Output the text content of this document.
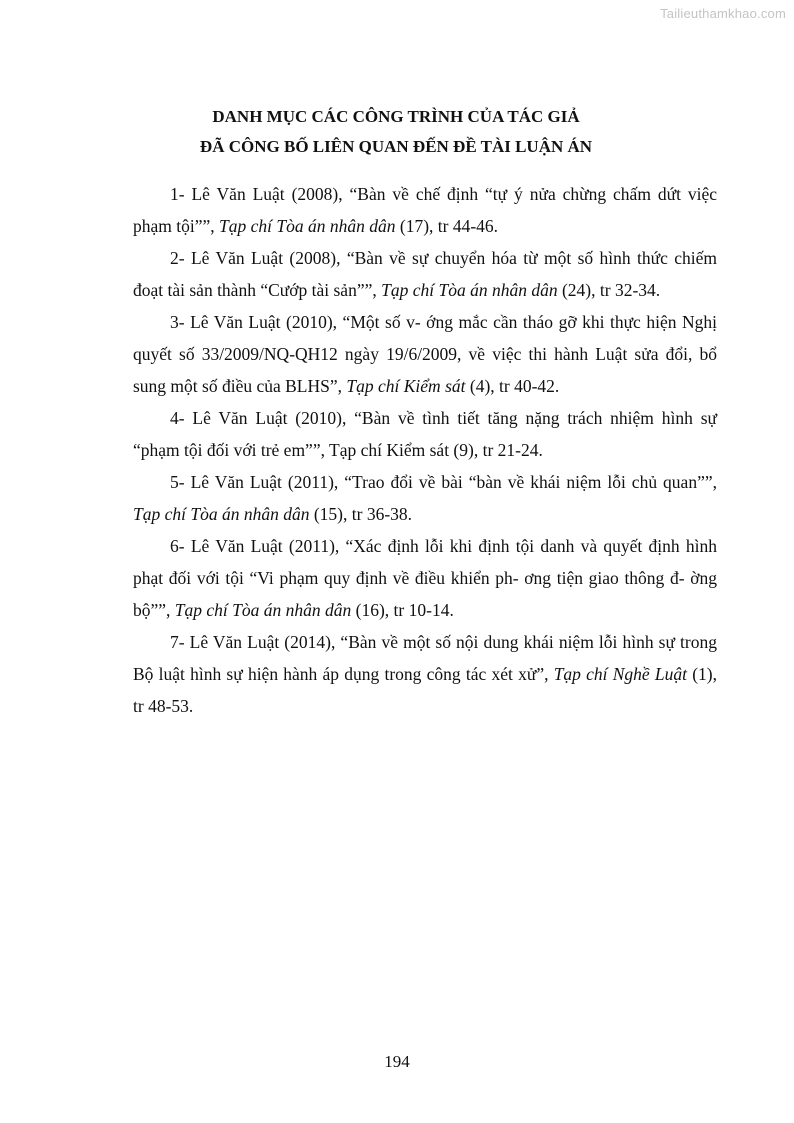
Tailieuthamkhao.com
DANH MỤC CÁC CÔNG TRÌNH CỦA TÁC GIẢ
ĐÃ CÔNG BỐ LIÊN QUAN ĐẾN ĐỀ TÀI LUẬN ÁN

1- Lê Văn Luật (2008), “Bàn về chế định “tự ý nửa chừng chấm dứt việc phạm tội””, Tạp chí Tòa án nhân dân (17), tr 44-46.

2- Lê Văn Luật (2008), “Bàn về sự chuyển hóa từ một số hình thức chiếm đoạt tài sản thành “Cướp tài sản””, Tạp chí Tòa án nhân dân (24), tr 32-34.

3- Lê Văn Luật (2010), “Một số v- ớng mắc cần tháo gỡ khi thực hiện Nghị quyết số 33/2009/NQ-QH12 ngày 19/6/2009, về việc thi hành Luật sửa đổi, bổ sung một số điều của BLHS”, Tạp chí Kiểm sát (4), tr 40-42.

4- Lê Văn Luật (2010), “Bàn về tình tiết tăng nặng trách nhiệm hình sự “phạm tội đối với trẻ em””, Tạp chí Kiểm sát (9), tr 21-24.

5- Lê Văn Luật (2011), “Trao đổi về bài “bàn về khái niệm lỗi chủ quan””, Tạp chí Tòa án nhân dân (15), tr 36-38.

6- Lê Văn Luật (2011), “Xác định lỗi khi định tội danh và quyết định hình phạt đối với tội “Vi phạm quy định về điều khiển ph- ơng tiện giao thông đ- ờng bộ””, Tạp chí Tòa án nhân dân (16), tr 10-14.

7- Lê Văn Luật (2014), “Bàn về một số nội dung khái niệm lỗi hình sự trong Bộ luật hình sự hiện hành áp dụng trong công tác xét xử”, Tạp chí Nghề Luật (1), tr 48-53.

194
